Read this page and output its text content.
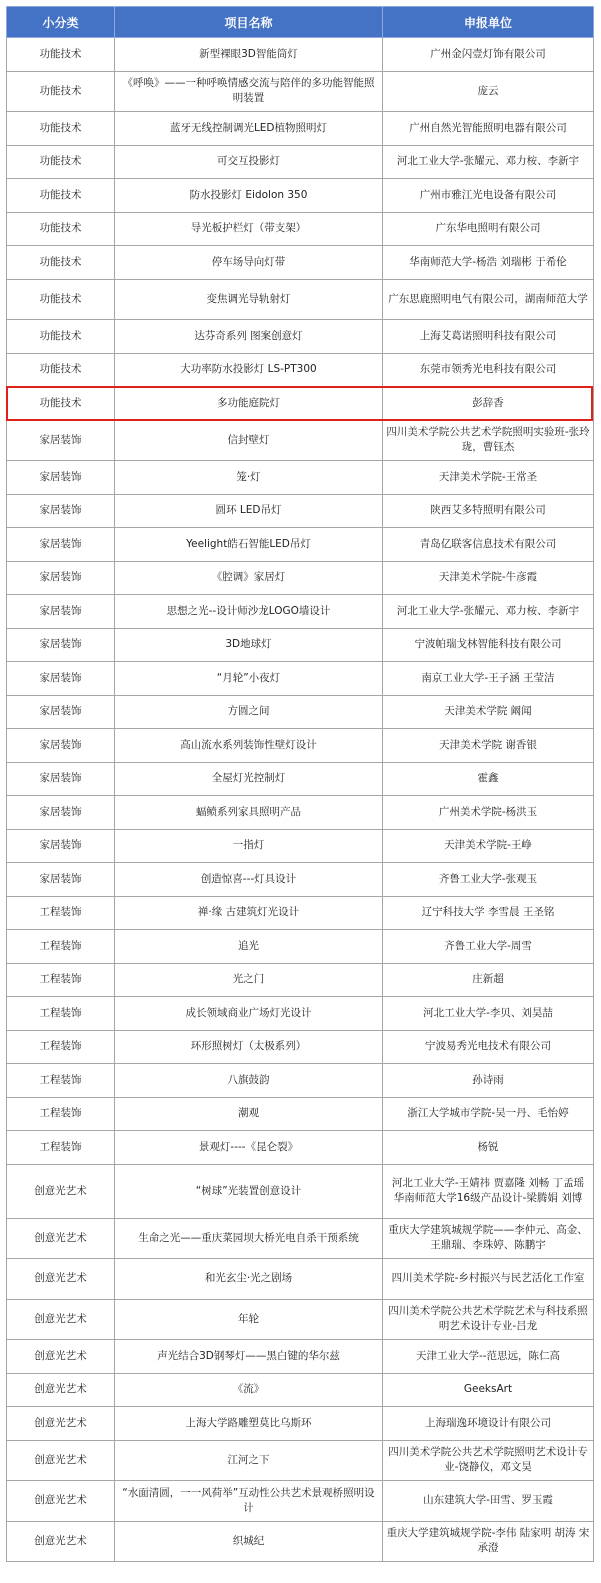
小分类	项目名称	申报单位
功能技术	新型裸眼3D智能筒灯	广州金闪壹灯饰有限公司
功能技术	《呼唤》——一种呼唤情感交流与陪伴的多功能智能照明装置	庞云
功能技术	蓝牙无线控制调光LED植物照明灯	广州自然光智能照明电器有限公司
功能技术	可交互投影灯	河北工业大学-张耀元、邓力桉、李新宇
功能技术	防水投影灯 Eidolon 350	广州市雅江光电设备有限公司
功能技术	导光板护栏灯（带支架）	广东华电照明有限公司
功能技术	停车场导向灯带	华南师范大学-杨浩 刘瑞彬 于希伦
功能技术	变焦调光导轨射灯	广东思鹿照明电气有限公司，湖南师范大学
功能技术	达芬奇系列 图案创意灯	上海艾葛诺照明科技有限公司
功能技术	大功率防水投影灯 LS-PT300	东莞市领秀光电科技有限公司
功能技术	多功能庭院灯	彭辞香
家居装饰	信封壁灯	四川美术学院公共艺术学院照明实验班-张玲珑，曹钰杰
家居装饰	笼·灯	天津美术学院-王常圣
家居装饰	圆环 LED吊灯	陕西艾多特照明有限公司
家居装饰	Yeelight皓石智能LED吊灯	青岛亿联客信息技术有限公司
家居装饰	《腔调》家居灯	天津美术学院-牛彦霞
家居装饰	思想之光--设计师沙龙LOGO墙设计	河北工业大学-张耀元、邓力桉、李新宇
家居装饰	3D地球灯	宁波帕瑞戈林智能科技有限公司
家居装饰	“月轮”小夜灯	南京工业大学-王子涵 王莹洁
家居装饰	方圆之间	天津美术学院 阚闻
家居装饰	高山流水系列装饰性壁灯设计	天津美术学院 谢香银
家居装饰	全屋灯光控制灯	霍鑫
家居装饰	蝠鲼系列家具照明产品	广州美术学院-杨洪玉
家居装饰	一指灯	天津美术学院-王峥
家居装饰	创造惊喜---灯具设计	齐鲁工业大学-张观玉
工程装饰	禅·缘 古建筑灯光设计	辽宁科技大学 李雪晨 王圣铭
工程装饰	追光	齐鲁工业大学-周雪
工程装饰	光之门	庄新超
工程装饰	成长领域商业广场灯光设计	河北工业大学-李贝、刘昊喆
工程装饰	环形照树灯（太极系列）	宁波易秀光电技术有限公司
工程装饰	八旗鼓韵	孙诗雨
工程装饰	潮观	浙江大学城市学院-吴一丹、毛怡婷
工程装饰	景观灯----《昆仑裂》	杨锐
创意光艺术	“树球”光装置创意设计	河北工业大学-王婧祎 贾嘉隆 刘畅 丁孟瑶 华南师范大学16级产品设计-梁腾娟 刘博
创意光艺术	生命之光——重庆菜园坝大桥光电自杀干预系统	重庆大学建筑城规学院——李仲元、高金、王鼎瑞、李珠婷、陈鹏宇
创意光艺术	和光玄尘·光之剧场	四川美术学院-乡村振兴与民艺活化工作室
创意光艺术	年轮	四川美术学院公共艺术学院艺术与科技系照明艺术设计专业-吕龙
创意光艺术	声光结合3D钢琴灯——黑白键的华尔兹	天津工业大学--范思远，陈仁高
创意光艺术	《流》	GeeksArt
创意光艺术	上海大学路雕塑莫比乌斯环	上海瑞逸环境设计有限公司
创意光艺术	江河之下	四川美术学院公共艺术学院照明艺术设计专业-饶静仪，邓文昊
创意光艺术	“水面清圆，一一风荷举”互动性公共艺术景观桥照明设计	山东建筑大学-田雪、罗玉霞
创意光艺术	织城纪	重庆大学建筑城规学院-李伟 陆家明 胡涛 宋承澄
